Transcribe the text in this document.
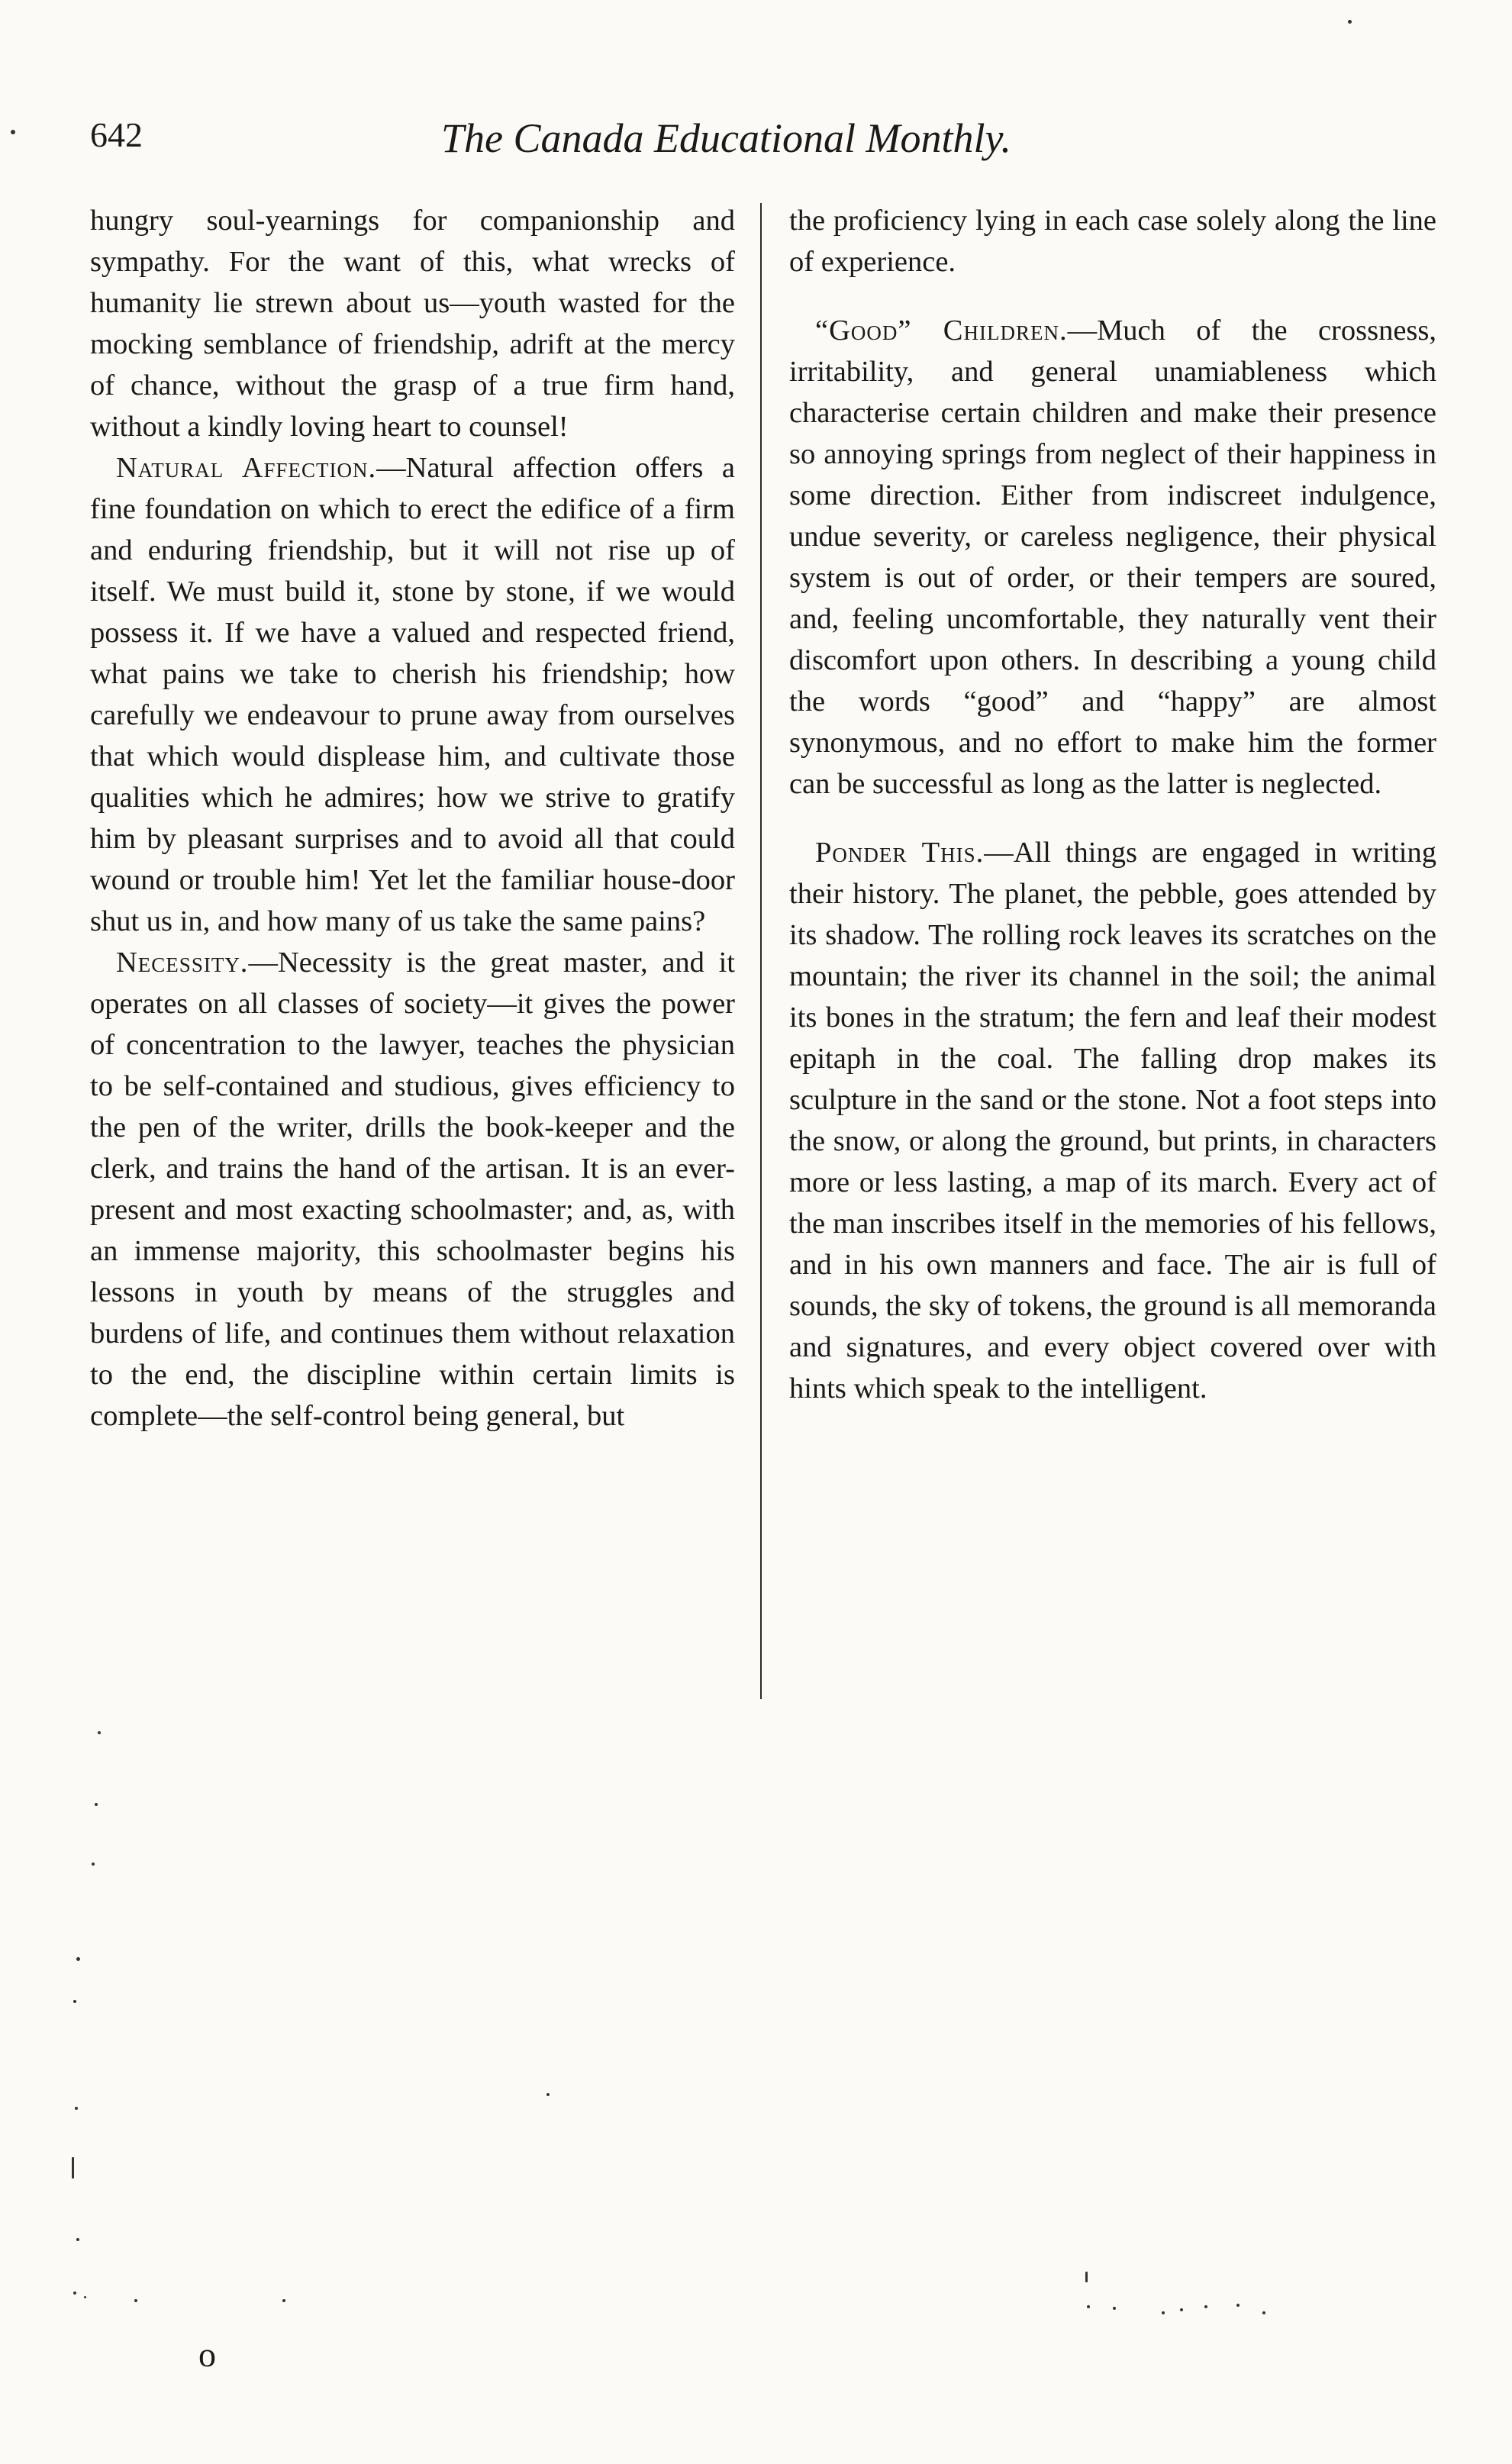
642	The Canada Educational Monthly.

hungry soul-yearnings for companionship and sympathy. For the want of this, what wrecks of humanity lie strewn about us—youth wasted for the mocking semblance of friendship, adrift at the mercy of chance, without the grasp of a true firm hand, without a kindly loving heart to counsel!

Natural Affection.—Natural affection offers a fine foundation on which to erect the edifice of a firm and enduring friendship, but it will not rise up of itself. We must build it, stone by stone, if we would possess it. If we have a valued and respected friend, what pains we take to cherish his friendship; how carefully we endeavour to prune away from ourselves that which would displease him, and cultivate those qualities which he admires; how we strive to gratify him by pleasant surprises and to avoid all that could wound or trouble him! Yet let the familiar house-door shut us in, and how many of us take the same pains?

Necessity.—Necessity is the great master, and it operates on all classes of society—it gives the power of concentration to the lawyer, teaches the physician to be self-contained and studious, gives efficiency to the pen of the writer, drills the book-keeper and the clerk, and trains the hand of the artisan. It is an ever-present and most exacting schoolmaster; and, as, with an immense majority, this schoolmaster begins his lessons in youth by means of the struggles and burdens of life, and continues them without relaxation to the end, the discipline within certain limits is complete—the self-control being general, but

the proficiency lying in each case solely along the line of experience.

“Good” Children.—Much of the crossness, irritability, and general unamiableness which characterise certain children and make their presence so annoying springs from neglect of their happiness in some direction. Either from indiscreet indulgence, undue severity, or careless negligence, their physical system is out of order, or their tempers are soured, and, feeling uncomfortable, they naturally vent their discomfort upon others. In describing a young child the words “good” and “happy” are almost synonymous, and no effort to make him the former can be successful as long as the latter is neglected.

Ponder This.—All things are engaged in writing their history. The planet, the pebble, goes attended by its shadow. The rolling rock leaves its scratches on the mountain; the river its channel in the soil; the animal its bones in the stratum; the fern and leaf their modest epitaph in the coal. The falling drop makes its sculpture in the sand or the stone. Not a foot steps into the snow, or along the ground, but prints, in characters more or less lasting, a map of its march. Every act of the man inscribes itself in the memories of his fellows, and in his own manners and face. The air is full of sounds, the sky of tokens, the ground is all memoranda and signatures, and every object covered over with hints which speak to the intelligent.

o
